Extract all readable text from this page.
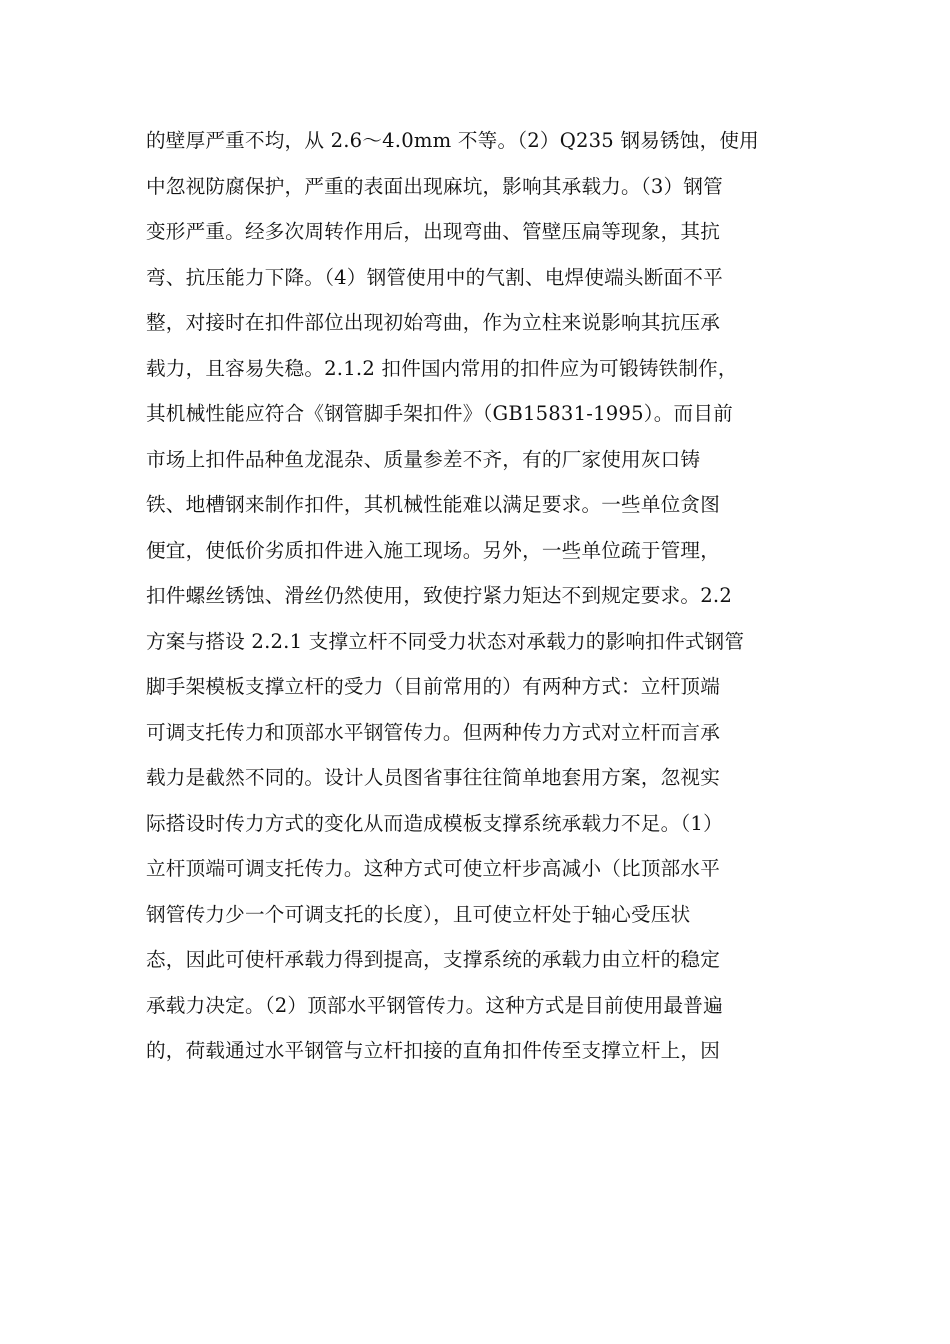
的壁厚严重不均，从 2.6～4.0mm 不等。（2）Q235 钢易锈蚀，使用
中忽视防腐保护，严重的表面出现麻坑，影响其承载力。（3）钢管
变形严重。经多次周转作用后，出现弯曲、管壁压扁等现象，其抗
弯、抗压能力下降。（4）钢管使用中的气割、电焊使端头断面不平
整，对接时在扣件部位出现初始弯曲，作为立柱来说影响其抗压承
载力，且容易失稳。2.1.2 扣件国内常用的扣件应为可锻铸铁制作，
其机械性能应符合《钢管脚手架扣件》（GB15831-1995）。而目前
市场上扣件品种鱼龙混杂、质量参差不齐，有的厂家使用灰口铸
铁、地槽钢来制作扣件，其机械性能难以满足要求。一些单位贪图
便宜，使低价劣质扣件进入施工现场。另外，一些单位疏于管理，
扣件螺丝锈蚀、滑丝仍然使用，致使拧紧力矩达不到规定要求。2.2
方案与搭设 2.2.1 支撑立杆不同受力状态对承载力的影响扣件式钢管
脚手架模板支撑立杆的受力（目前常用的）有两种方式：立杆顶端
可调支托传力和顶部水平钢管传力。但两种传力方式对立杆而言承
载力是截然不同的。设计人员图省事往往简单地套用方案，忽视实
际搭设时传力方式的变化从而造成模板支撑系统承载力不足。（1）
立杆顶端可调支托传力。这种方式可使立杆步高减小（比顶部水平
钢管传力少一个可调支托的长度），且可使立杆处于轴心受压状
态，因此可使杆承载力得到提高，支撑系统的承载力由立杆的稳定
承载力决定。（2）顶部水平钢管传力。这种方式是目前使用最普遍
的，荷载通过水平钢管与立杆扣接的直角扣件传至支撑立杆上，因
